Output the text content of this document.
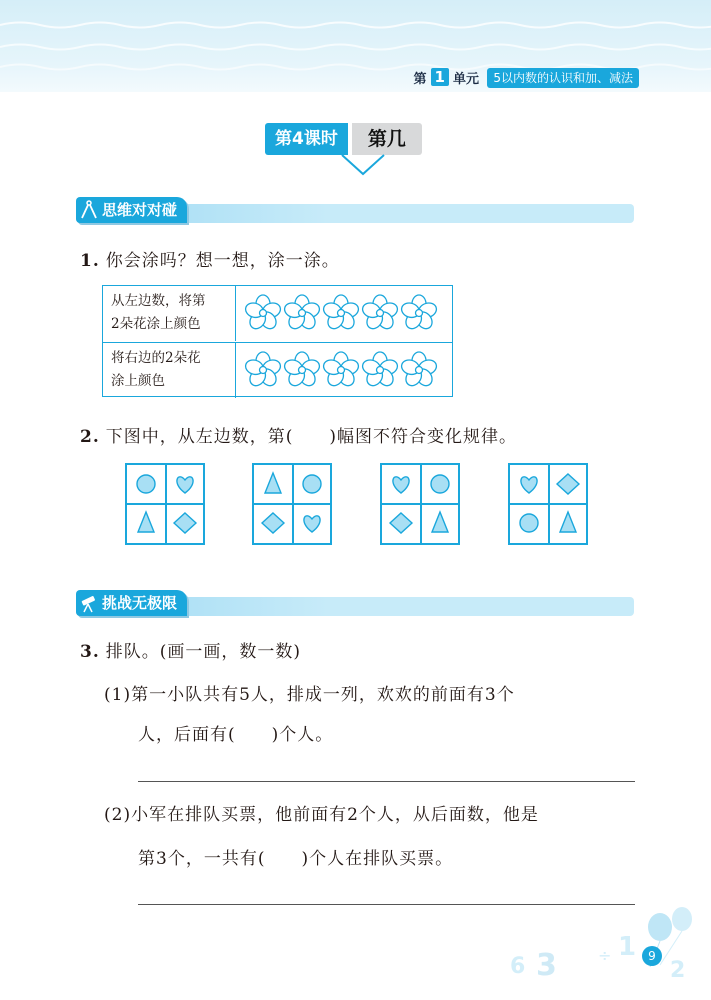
第 1 单元	5以内数的认识和加、减法
第4课时	第几
思维对对碰
1. 你会涂吗？想一想，涂一涂。
从左边数，将第
2朵花涂上颜色
将右边的2朵花
涂上颜色
2. 下图中，从左边数，第(　　)幅图不符合变化规律。
挑战无极限
3. 排队。(画一画，数一数)
(1)第一小队共有5人，排成一列，欢欢的前面有3个
人，后面有(　　)个人。
(2)小军在排队买票，他前面有2个人，从后面数，他是
第3个，一共有(　　)个人在排队买票。
6 3	÷ 1
2
9
